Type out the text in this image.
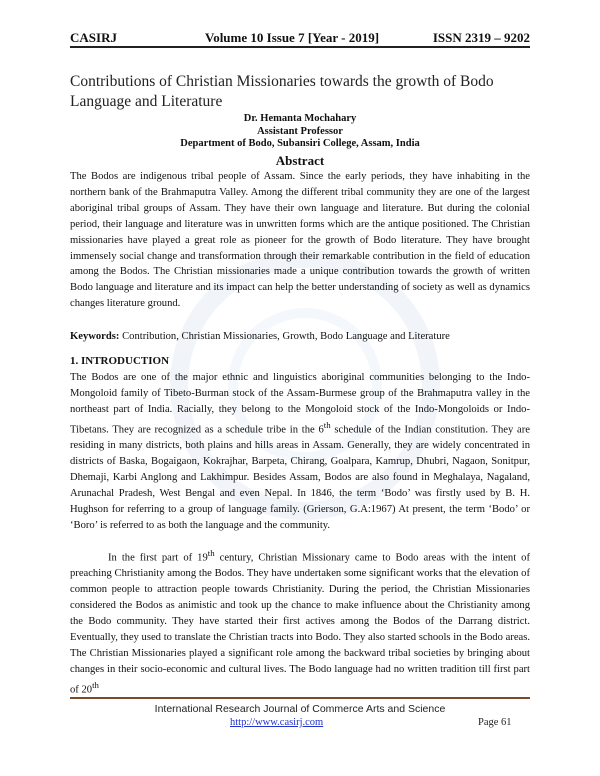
CASIRJ	Volume 10 Issue 7 [Year - 2019]	ISSN 2319 – 9202
Contributions of Christian Missionaries towards the growth of Bodo Language and Literature
Dr. Hemanta Mochahary
Assistant Professor
Department of Bodo, Subansiri College, Assam, India
Abstract

The Bodos are indigenous tribal people of Assam. Since the early periods, they have inhabiting in the northern bank of the Brahmaputra Valley. Among the different tribal community they are one of the largest aboriginal tribal groups of Assam. They have their own language and literature. But during the colonial period, their language and literature was in unwritten forms which are the antique positioned. The Christian missionaries have played a great role as pioneer for the growth of Bodo literature. They have brought immensely social change and transformation through their remarkable contribution in the field of education among the Bodos. The Christian missionaries made a unique contribution towards the growth of written Bodo language and literature and its impact can help the better understanding of society as well as dynamics changes literature ground.

Keywords: Contribution, Christian Missionaries, Growth, Bodo Language and Literature

1. INTRODUCTION

The Bodos are one of the major ethnic and linguistics aboriginal communities belonging to the Indo-Mongoloid family of Tibeto-Burman stock of the Assam-Burmese group of the Brahmaputra valley in the northeast part of India. Racially, they belong to the Mongoloid stock of the Indo-Mongoloids or Indo-Tibetans. They are recognized as a schedule tribe in the 6th schedule of the Indian constitution. They are residing in many districts, both plains and hills areas in Assam. Generally, they are widely concentrated in districts of Baska, Bogaigaon, Kokrajhar, Barpeta, Chirang, Goalpara, Kamrup, Dhubri, Nagaon, Sonitpur, Dhemaji, Karbi Anglong and Lakhimpur. Besides Assam, Bodos are also found in Meghalaya, Nagaland, Arunachal Pradesh, West Bengal and even Nepal. In 1846, the term ‘Bodo’ was firstly used by B. H. Hughson for referring to a group of language family. (Grierson, G.A:1967) At present, the term ‘Bodo’ or ‘Boro’ is referred to as both the language and the community.

In the first part of 19th century, Christian Missionary came to Bodo areas with the intent of preaching Christianity among the Bodos. They have undertaken some significant works that the elevation of common people to attraction people towards Christianity. During the period, the Christian Missionaries considered the Bodos as animistic and took up the chance to make influence about the Christianity among the Bodo community. They have started their first actives among the Bodos of the Darrang district. Eventually, they used to translate the Christian tracts into Bodo. They also started schools in the Bodo areas. The Christian Missionaries played a significant role among the backward tribal societies by bringing about changes in their socio-economic and cultural lives. The Bodo language had no written tradition till first part of 20th

International Research Journal of Commerce Arts and Science
http://www.casirj.com	Page 61
